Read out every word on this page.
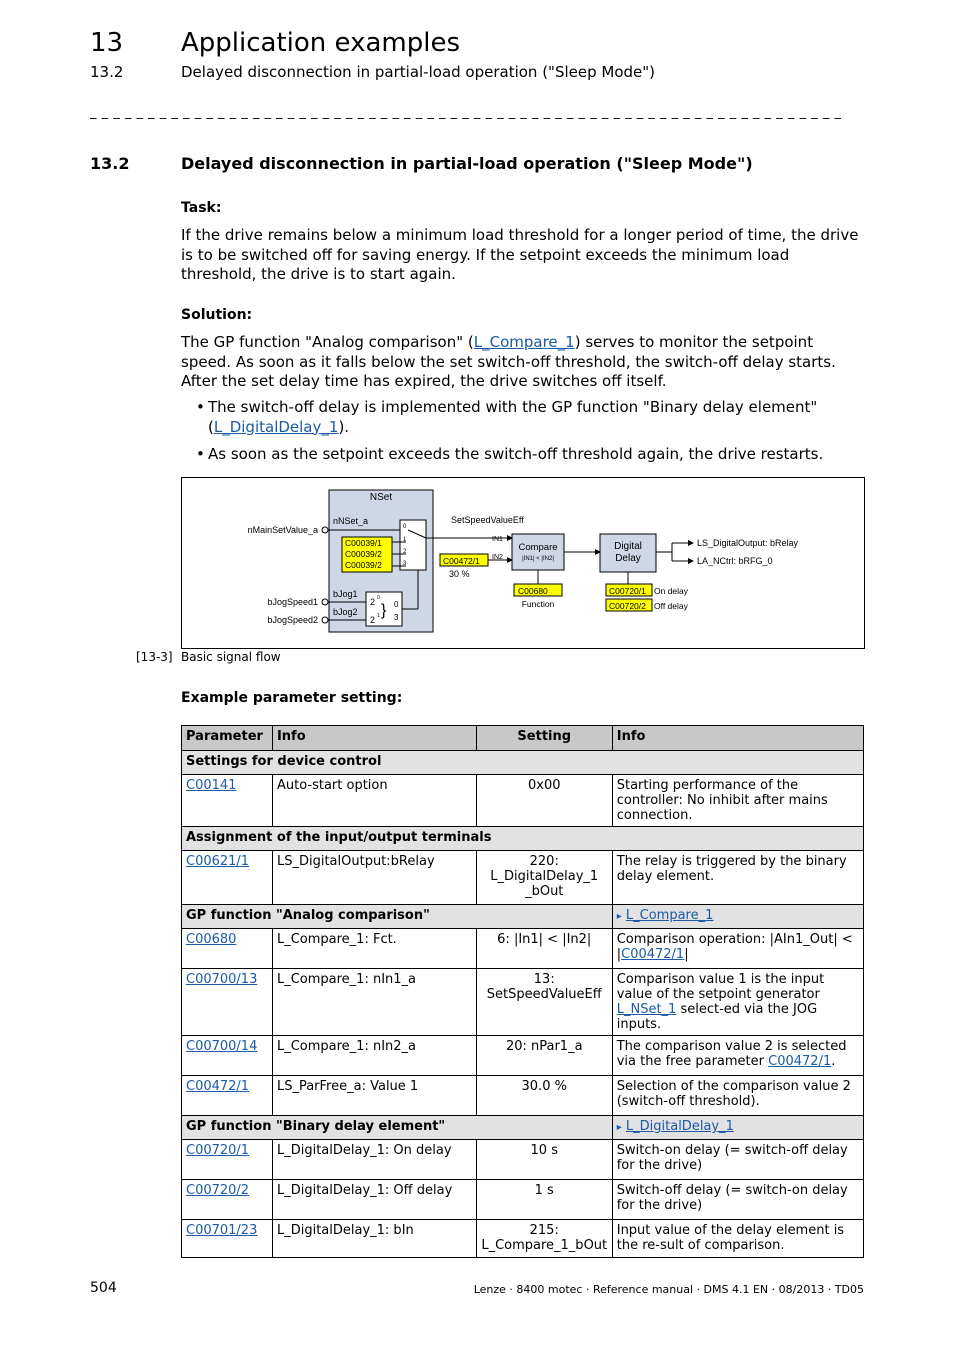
13 Application examples
13.2	Delayed disconnection in partial-load operation ("Sleep Mode")
_ _ _ _ _ _ _ _ _ _ _ _ _ _ _ _ _ _ _ _ _ _ _ _ _ _ _ _ _ _ _ _ _ _ _ _ _ _ _ _ _ _ _ _ _ _ _ _ _ _ _ _ _ _ _ _ _ _ _ _ _ _ _ _ _
13.2	Delayed disconnection in partial-load operation ("Sleep Mode")
Task:
If the drive remains below a minimum load threshold for a longer period of time, the drive is to be switched off for saving energy. If the setpoint exceeds the minimum load threshold, the drive is to start again.
Solution:
The GP function "Analog comparison" (L_Compare_1) serves to monitor the setpoint speed. As soon as it falls below the set switch-off threshold, the switch-off delay starts. After the set delay time has expired, the drive switches off itself.
• The switch-off delay is implemented with the GP function "Binary delay element" (L_DigitalDelay_1).
• As soon as the setpoint exceeds the switch-off threshold again, the drive restarts.
NSet
nNSet_a
nMainSetValue_a	0
1
2
3
C00039/1
C00039/2
C00039/2
bJog1
bJog2
bJogSpeed1
bJogSpeed2
2
2
0
1 } 0
3
SetSpeedValueEff
IN1
IN2
C00472/1
30 %
Compare
|IN1| < |IN2|
C00680
Function
Digital
Delay
C00720/1 On delay
C00720/2 Off delay
LS_DigitalOutput: bRelay
LA_NCtrl: bRFG_0
[13-3] Basic signal flow
Example parameter setting:
Parameter	Info	Setting	Info
Settings for device control			
C00141	Auto-start option	0x00	Starting performance of the controller: No inhibit after mains connection.
Assignment of the input/output terminals			
C00621/1	LS_DigitalOutput:bRelay	220: L_DigitalDelay_1 _bOut	The relay is triggered by the binary delay element.
GP function "Analog comparison"			▸ L_Compare_1
C00680	L_Compare_1: Fct.	6: |In1| < |In2|	Comparison operation: |AIn1_Out| < |C00472/1|
C00700/13	L_Compare_1: nIn1_a	13: SetSpeedValueEff	Comparison value 1 is the input value of the setpoint generator L_NSet_1 select-ed via the JOG inputs.
C00700/14	L_Compare_1: nIn2_a	20: nPar1_a	The comparison value 2 is selected via the free parameter C00472/1.
C00472/1	LS_ParFree_a: Value 1	30.0 %	Selection of the comparison value 2 (switch-off threshold).
GP function "Binary delay element"			▸ L_DigitalDelay_1
C00720/1	L_DigitalDelay_1: On delay	10 s	Switch-on delay (= switch-off delay for the drive)
C00720/2	L_DigitalDelay_1: Off delay	1 s	Switch-off delay (= switch-on delay for the drive)
C00701/23	L_DigitalDelay_1: bIn	215: L_Compare_1_bOut	Input value of the delay element is the re-sult of comparison.
504	Lenze · 8400 motec · Reference manual · DMS 4.1 EN · 08/2013 · TD05
